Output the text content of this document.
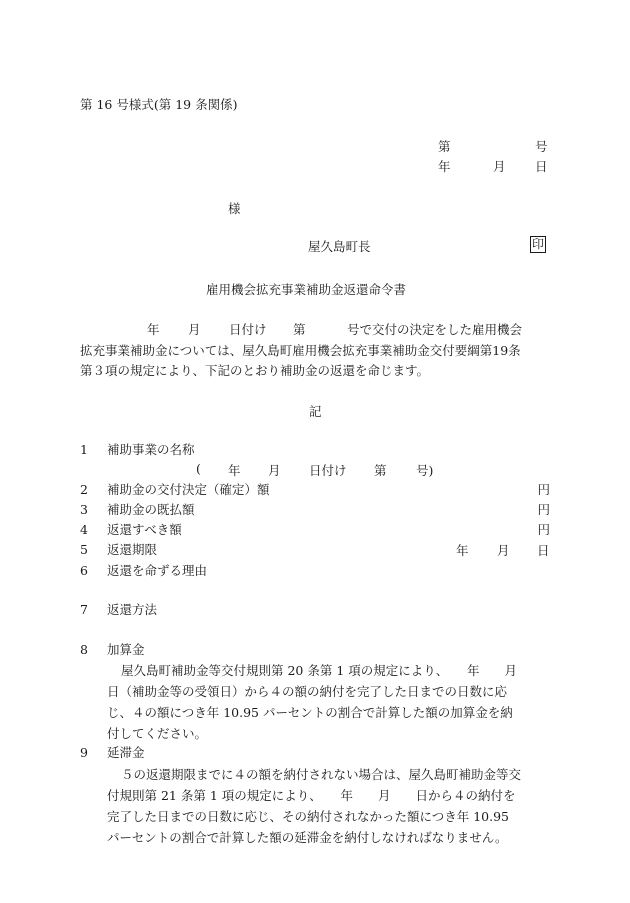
第 16 号様式(第 19 条関係)
第	号
年	月 日
様
屋久島町長	印
雇用機会拡充事業補助金返還命令書
年 月 日付け 第	号で交付の決定をした雇用機会
拡充事業補助金については、屋久島町雇用機会拡充事業補助金交付要綱第19条
第３項の規定により、下記のとおり補助金の返還を命じます。
記
1 補助事業の名称
( 年 月 日付け 第 号)
2 補助金の交付決定（確定）額	円
3 補助金の既払額	円
4 返還すべき額	円
5 返還期限	年 月 日
6 返還を命ずる理由
7 返還方法
8 加算金
屋久島町補助金等交付規則第 20 条第 1 項の規定により、　　年　　月
日（補助金等の受領日）から４の額の納付を完了した日までの日数に応
じ、４の額につき年 10.95 パーセントの割合で計算した額の加算金を納
付してください。
9 延滞金
５の返還期限までに４の額を納付されない場合は、屋久島町補助金等交
付規則第 21 条第 1 項の規定により、　　年　　月　　日から４の納付を
完了した日までの日数に応じ、その納付されなかった額につき年 10.95
パーセントの割合で計算した額の延滞金を納付しなければなりません。
